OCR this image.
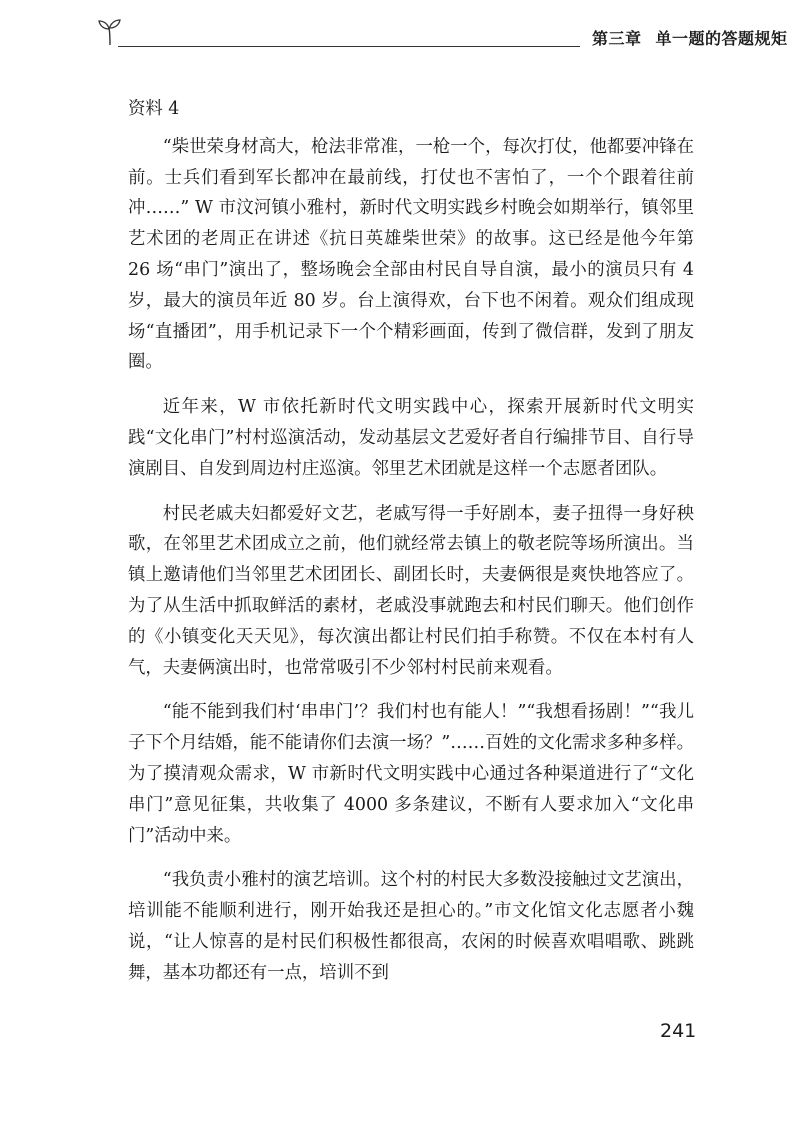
第三章 单一题的答题规矩
资料 4

“柴世荣身材高大，枪法非常准，一枪一个，每次打仗，他都要冲锋在前。士兵们看到军长都冲在最前线，打仗也不害怕了，一个个跟着往前冲……” W 市汶河镇小雅村，新时代文明实践乡村晚会如期举行，镇邻里艺术团的老周正在讲述《抗日英雄柴世荣》的故事。这已经是他今年第 26 场“串门”演出了，整场晚会全部由村民自导自演，最小的演员只有 4 岁，最大的演员年近 80 岁。台上演得欢，台下也不闲着。观众们组成现场“直播团”，用手机记录下一个个精彩画面，传到了微信群，发到了朋友圈。

近年来，W 市依托新时代文明实践中心，探索开展新时代文明实践“文化串门”村村巡演活动，发动基层文艺爱好者自行编排节目、自行导演剧目、自发到周边村庄巡演。邻里艺术团就是这样一个志愿者团队。

村民老戚夫妇都爱好文艺，老戚写得一手好剧本，妻子扭得一身好秧歌，在邻里艺术团成立之前，他们就经常去镇上的敬老院等场所演出。当镇上邀请他们当邻里艺术团团长、副团长时，夫妻俩很是爽快地答应了。为了从生活中抓取鲜活的素材，老戚没事就跑去和村民们聊天。他们创作的《小镇变化天天见》，每次演出都让村民们拍手称赞。不仅在本村有人气，夫妻俩演出时，也常常吸引不少邻村村民前来观看。

“能不能到我们村‘串串门’？我们村也有能人！”“我想看扬剧！”“我儿子下个月结婚，能不能请你们去演一场？”……百姓的文化需求多种多样。为了摸清观众需求，W 市新时代文明实践中心通过各种渠道进行了“文化串门”意见征集，共收集了 4000 多条建议，不断有人要求加入“文化串门”活动中来。

“我负责小雅村的演艺培训。这个村的村民大多数没接触过文艺演出，培训能不能顺利进行，刚开始我还是担心的。”市文化馆文化志愿者小魏说，“让人惊喜的是村民们积极性都很高，农闲的时候喜欢唱唱歌、跳跳舞，基本功都还有一点，培训不到

241
